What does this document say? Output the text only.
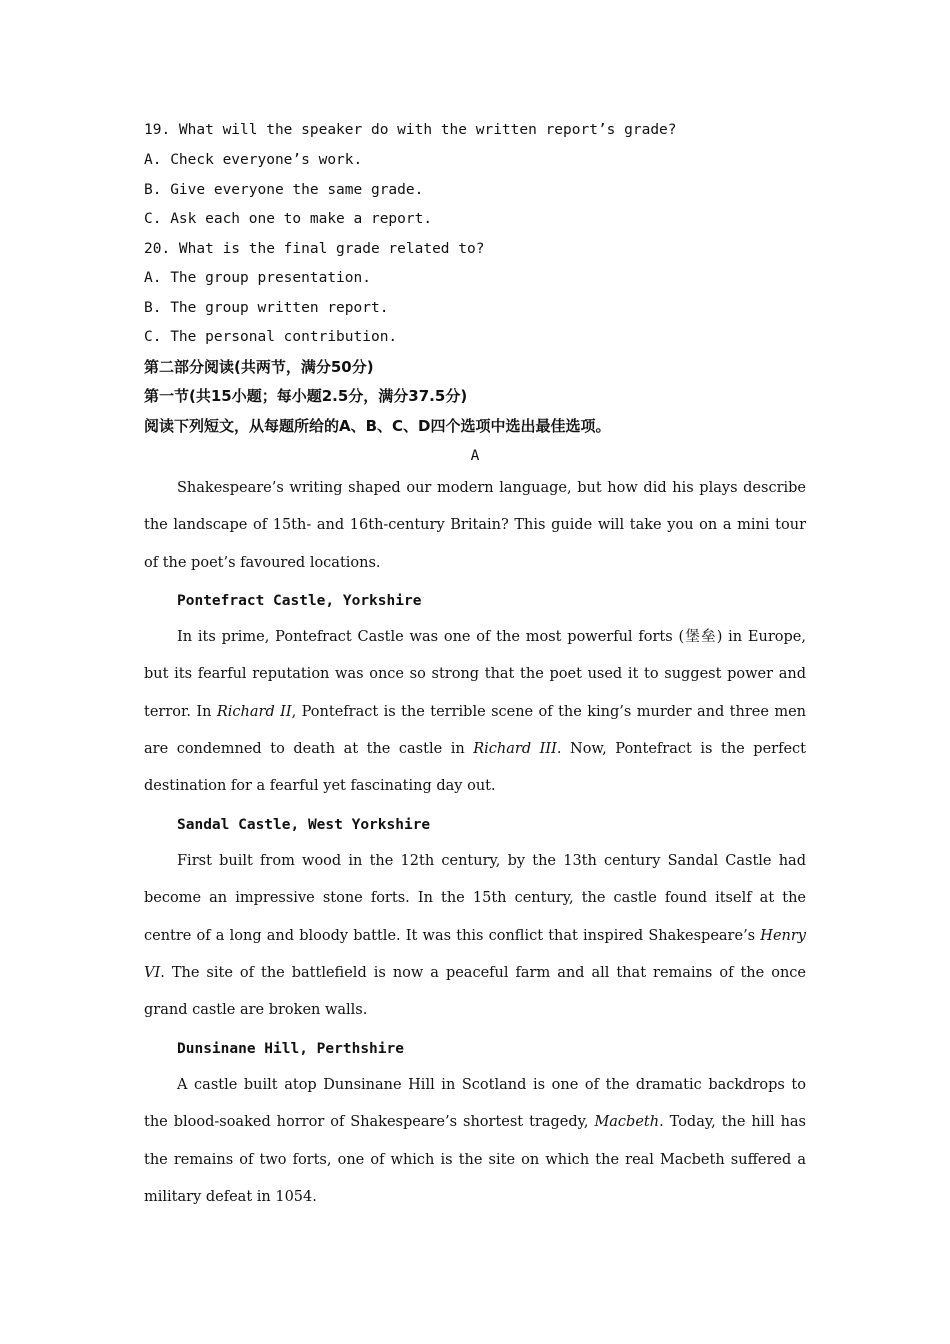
19. What will the speaker do with the written report’s grade?
A. Check everyone’s work.
B. Give everyone the same grade.
C. Ask each one to make a report.
20. What is the final grade related to?
A. The group presentation.
B. The group written report.
C. The personal contribution.
第二部分阅读(共两节，满分50分)
第一节(共15小题；每小题2.5分，满分37.5分)
阅读下列短文，从每题所给的A、B、C、D四个选项中选出最佳选项。
A

Shakespeare’s writing shaped our modern language, but how did his plays describe the landscape of 15th- and 16th-century Britain? This guide will take you on a mini tour of the poet’s favoured locations.

Pontefract Castle, Yorkshire

In its prime, Pontefract Castle was one of the most powerful forts (堡垒) in Europe, but its fearful reputation was once so strong that the poet used it to suggest power and terror. In Richard II, Pontefract is the terrible scene of the king’s murder and three men are condemned to death at the castle in Richard III. Now, Pontefract is the perfect destination for a fearful yet fascinating day out.

Sandal Castle, West Yorkshire

First built from wood in the 12th century, by the 13th century Sandal Castle had become an impressive stone forts. In the 15th century, the castle found itself at the centre of a long and bloody battle. It was this conflict that inspired Shakespeare’s Henry VI. The site of the battlefield is now a peaceful farm and all that remains of the once grand castle are broken walls.

Dunsinane Hill, Perthshire

A castle built atop Dunsinane Hill in Scotland is one of the dramatic backdrops to the blood-soaked horror of Shakespeare’s shortest tragedy, Macbeth. Today, the hill has the remains of two forts, one of which is the site on which the real Macbeth suffered a military defeat in 1054.
